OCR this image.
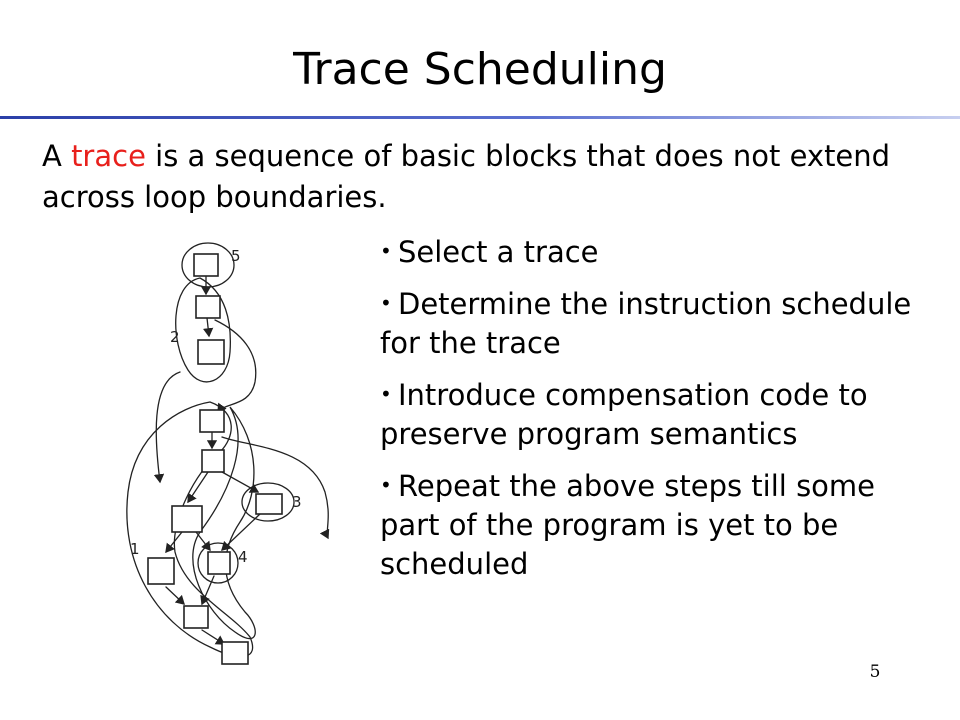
Trace Scheduling
A trace is a sequence of basic blocks that does not extend across loop boundaries.
5
2
3
4
1
• Select a trace
• Determine the instruction schedule for the trace
• Introduce compensation code to preserve program semantics
• Repeat the above steps till some part of the program is yet to be scheduled
5
